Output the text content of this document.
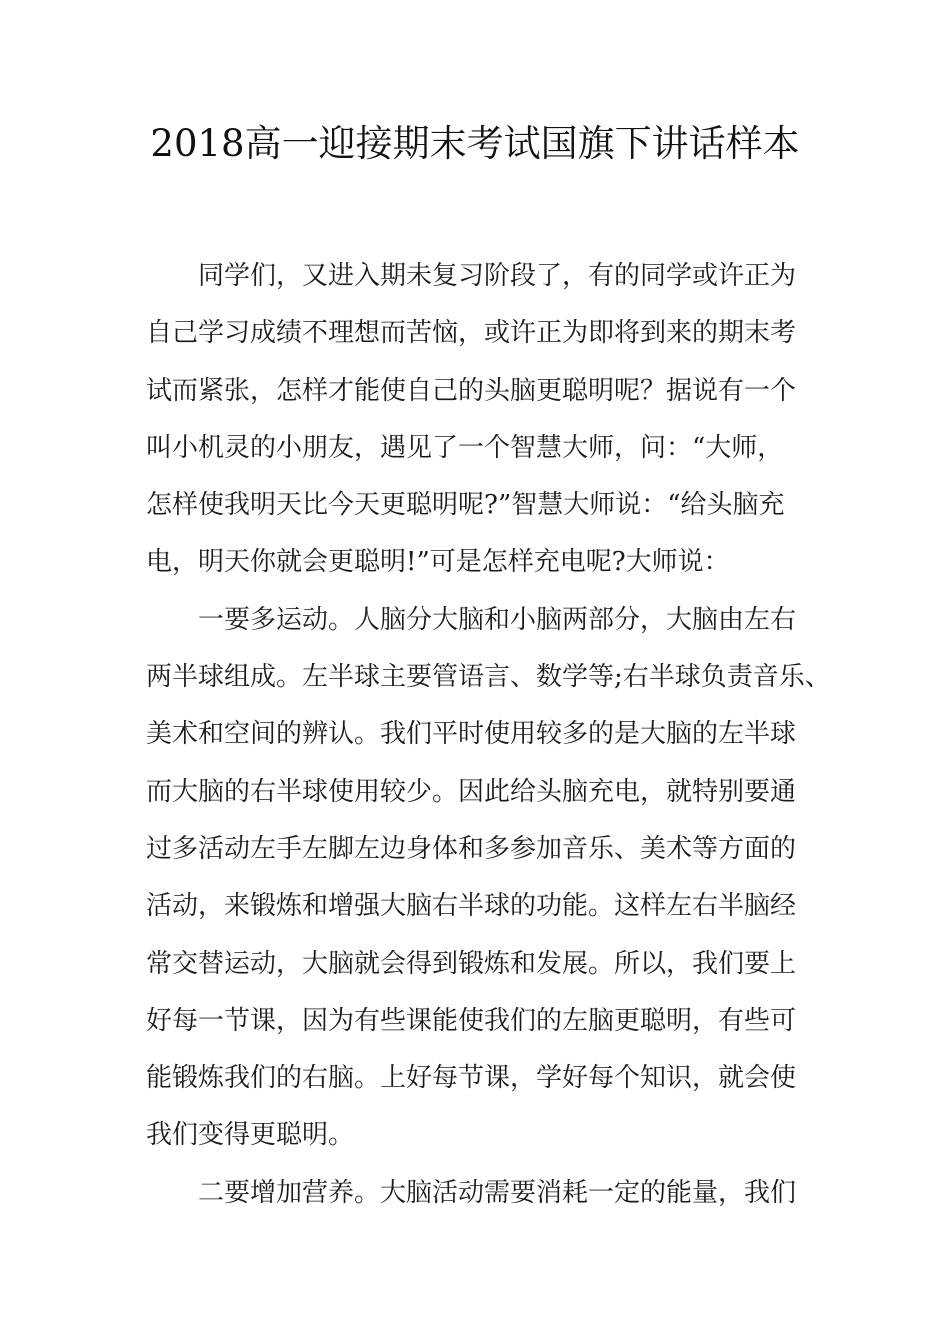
2018高一迎接期末考试国旗下讲话样本
同学们，又进入期未复习阶段了，有的同学或许正为
自己学习成绩不理想而苦恼，或许正为即将到来的期末考
试而紧张，怎样才能使自己的头脑更聪明呢？据说有一个
叫小机灵的小朋友，遇见了一个智慧大师，问：“大师，
怎样使我明天比今天更聪明呢?”智慧大师说：“给头脑充
电，明天你就会更聪明!”可是怎样充电呢?大师说：
一要多运动。人脑分大脑和小脑两部分，大脑由左右
两半球组成。左半球主要管语言、数学等;右半球负责音乐、
美术和空间的辨认。我们平时使用较多的是大脑的左半球
而大脑的右半球使用较少。因此给头脑充电，就特别要通
过多活动左手左脚左边身体和多参加音乐、美术等方面的
活动，来锻炼和增强大脑右半球的功能。这样左右半脑经
常交替运动，大脑就会得到锻炼和发展。所以，我们要上
好每一节课，因为有些课能使我们的左脑更聪明，有些可
能锻炼我们的右脑。上好每节课，学好每个知识，就会使
我们变得更聪明。
二要增加营养。大脑活动需要消耗一定的能量，我们
